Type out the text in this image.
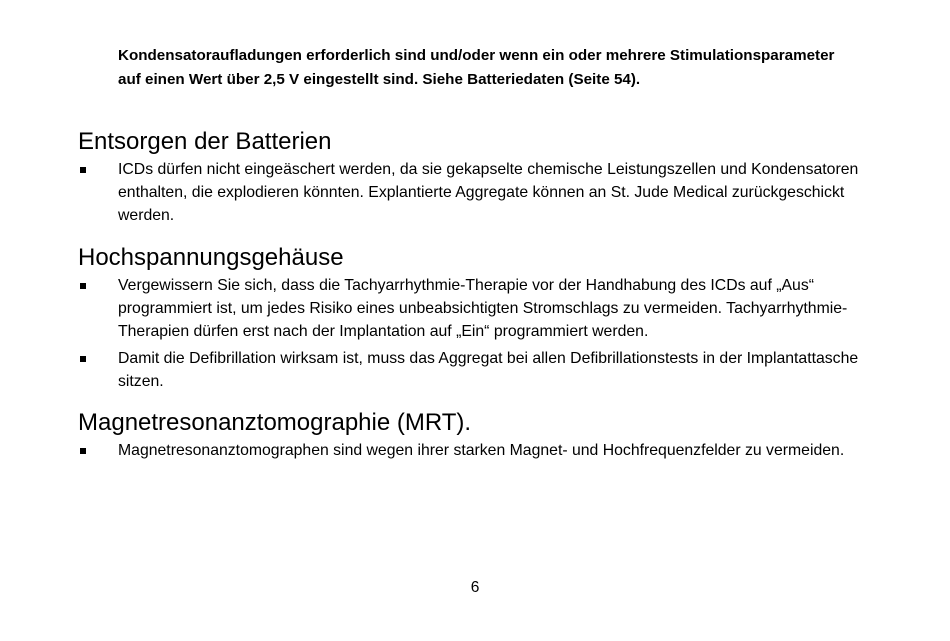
Kondensatoraufladungen erforderlich sind und/oder wenn ein oder mehrere Stimulationsparameter auf einen Wert über 2,5 V eingestellt sind. Siehe Batteriedaten (Seite 54).

Entsorgen der Batterien
ICDs dürfen nicht eingeäschert werden, da sie gekapselte chemische Leistungszellen und Kondensatoren enthalten, die explodieren könnten. Explantierte Aggregate können an St. Jude Medical zurückgeschickt werden.
Hochspannungsgehäuse
Vergewissern Sie sich, dass die Tachyarrhythmie-Therapie vor der Handhabung des ICDs auf „Aus“ programmiert ist, um jedes Risiko eines unbeabsichtigten Stromschlags zu vermeiden. Tachyarrhythmie-Therapien dürfen erst nach der Implantation auf „Ein“ programmiert werden.
Damit die Defibrillation wirksam ist, muss das Aggregat bei allen Defibrillationstests in der Implantattasche sitzen.
Magnetresonanztomographie (MRT).
Magnetresonanztomographen sind wegen ihrer starken Magnet- und Hochfrequenzfelder zu vermeiden.
6
